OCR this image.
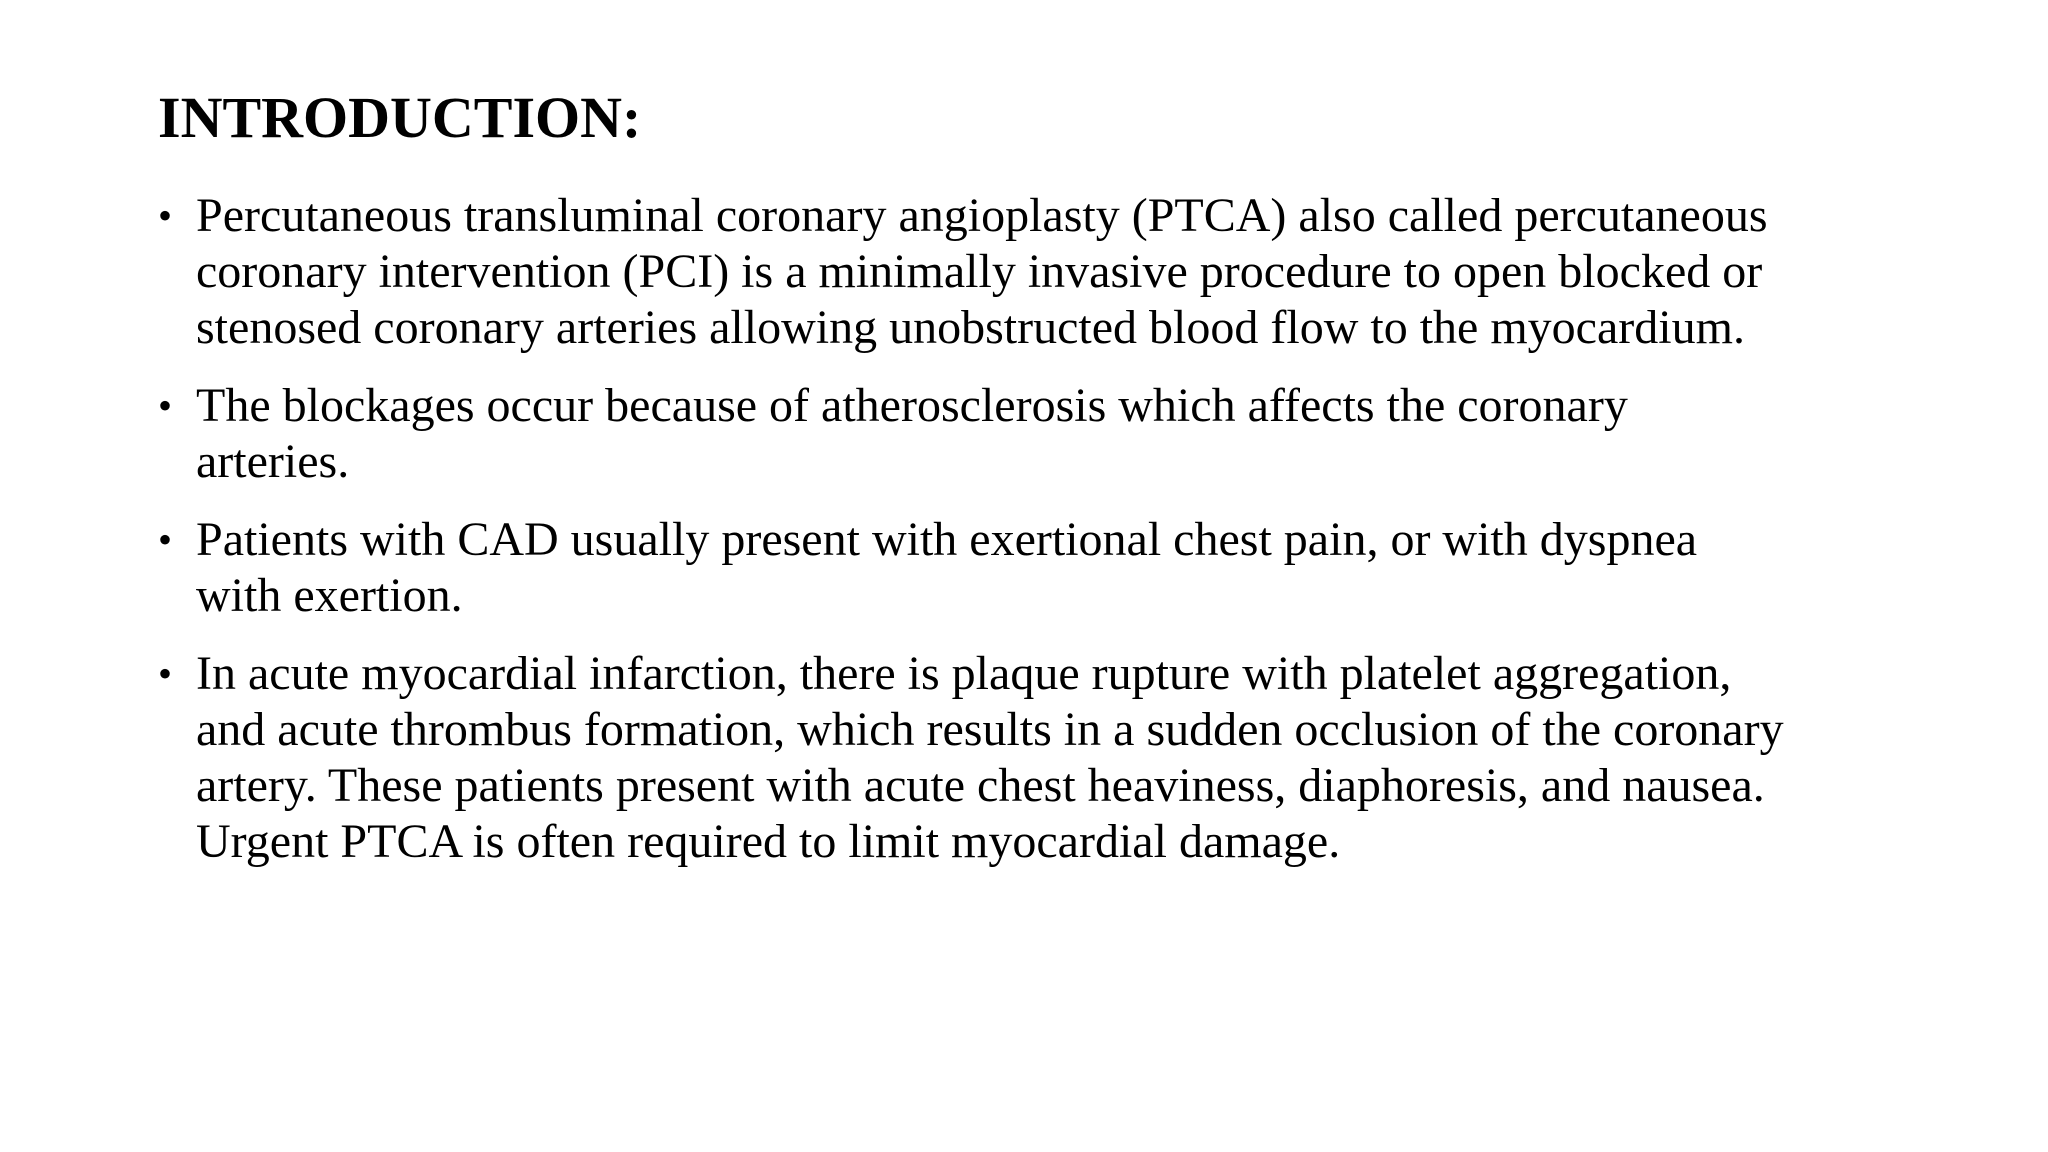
INTRODUCTION:
• Percutaneous transluminal coronary angioplasty (PTCA) also called percutaneous
coronary intervention (PCI) is a minimally invasive procedure to open blocked or
stenosed coronary arteries allowing unobstructed blood flow to the myocardium.
• The blockages occur because of atherosclerosis which affects the coronary
arteries.
• Patients with CAD usually present with exertional chest pain, or with dyspnea
with exertion.
• In acute myocardial infarction, there is plaque rupture with platelet aggregation,
and acute thrombus formation, which results in a sudden occlusion of the coronary
artery. These patients present with acute chest heaviness, diaphoresis, and nausea.
Urgent PTCA is often required to limit myocardial damage.
